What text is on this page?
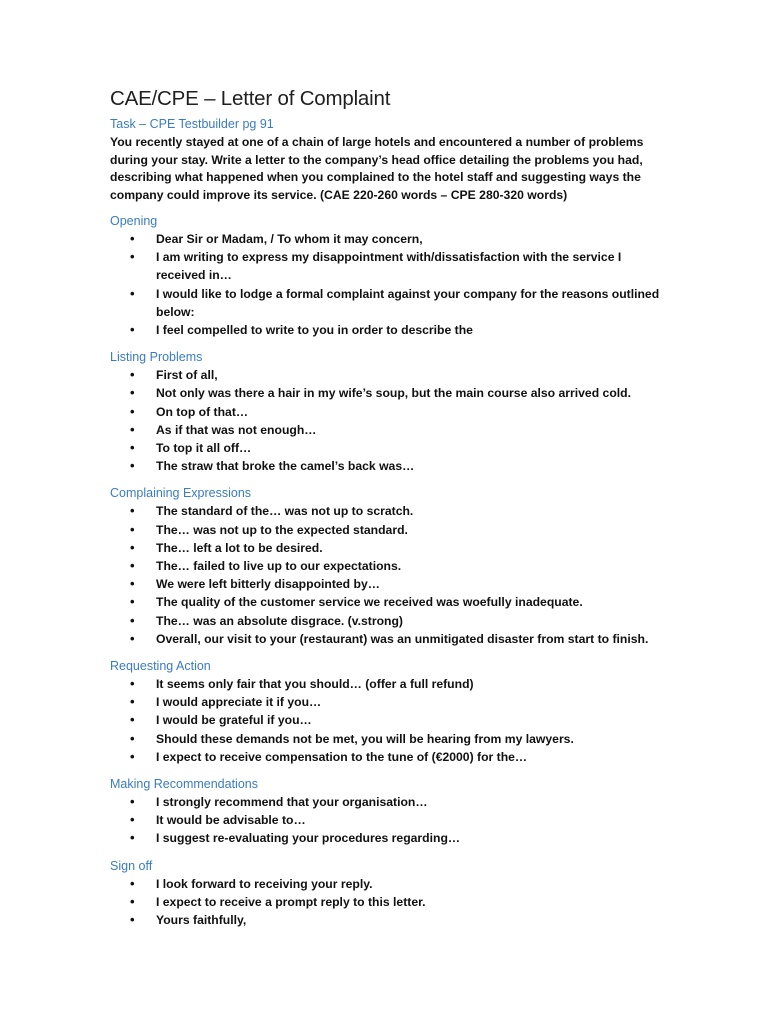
CAE/CPE – Letter of Complaint
Task – CPE Testbuilder pg 91
You recently stayed at one of a chain of large hotels and encountered a number of problems during your stay. Write a letter to the company’s head office detailing the problems you had, describing what happened when you complained to the hotel staff and suggesting ways the company could improve its service. (CAE 220-260 words – CPE 280-320 words)
Opening
• Dear Sir or Madam, / To whom it may concern,
• I am writing to express my disappointment with/dissatisfaction with the service I received in…
• I would like to lodge a formal complaint against your company for the reasons outlined below:
• I feel compelled to write to you in order to describe the
Listing Problems
• First of all,
• Not only was there a hair in my wife’s soup, but the main course also arrived cold.
• On top of that…
• As if that was not enough…
• To top it all off…
• The straw that broke the camel’s back was…
Complaining Expressions
• The standard of the… was not up to scratch.
• The… was not up to the expected standard.
• The… left a lot to be desired.
• The… failed to live up to our expectations.
• We were left bitterly disappointed by…
• The quality of the customer service we received was woefully inadequate.
• The… was an absolute disgrace. (v.strong)
• Overall, our visit to your (restaurant) was an unmitigated disaster from start to finish.
Requesting Action
• It seems only fair that you should… (offer a full refund)
• I would appreciate it if you…
• I would be grateful if you…
• Should these demands not be met, you will be hearing from my lawyers.
• I expect to receive compensation to the tune of (€2000) for the…
Making Recommendations
• I strongly recommend that your organisation…
• It would be advisable to…
• I suggest re-evaluating your procedures regarding…
Sign off
• I look forward to receiving your reply.
• I expect to receive a prompt reply to this letter.
• Yours faithfully,
